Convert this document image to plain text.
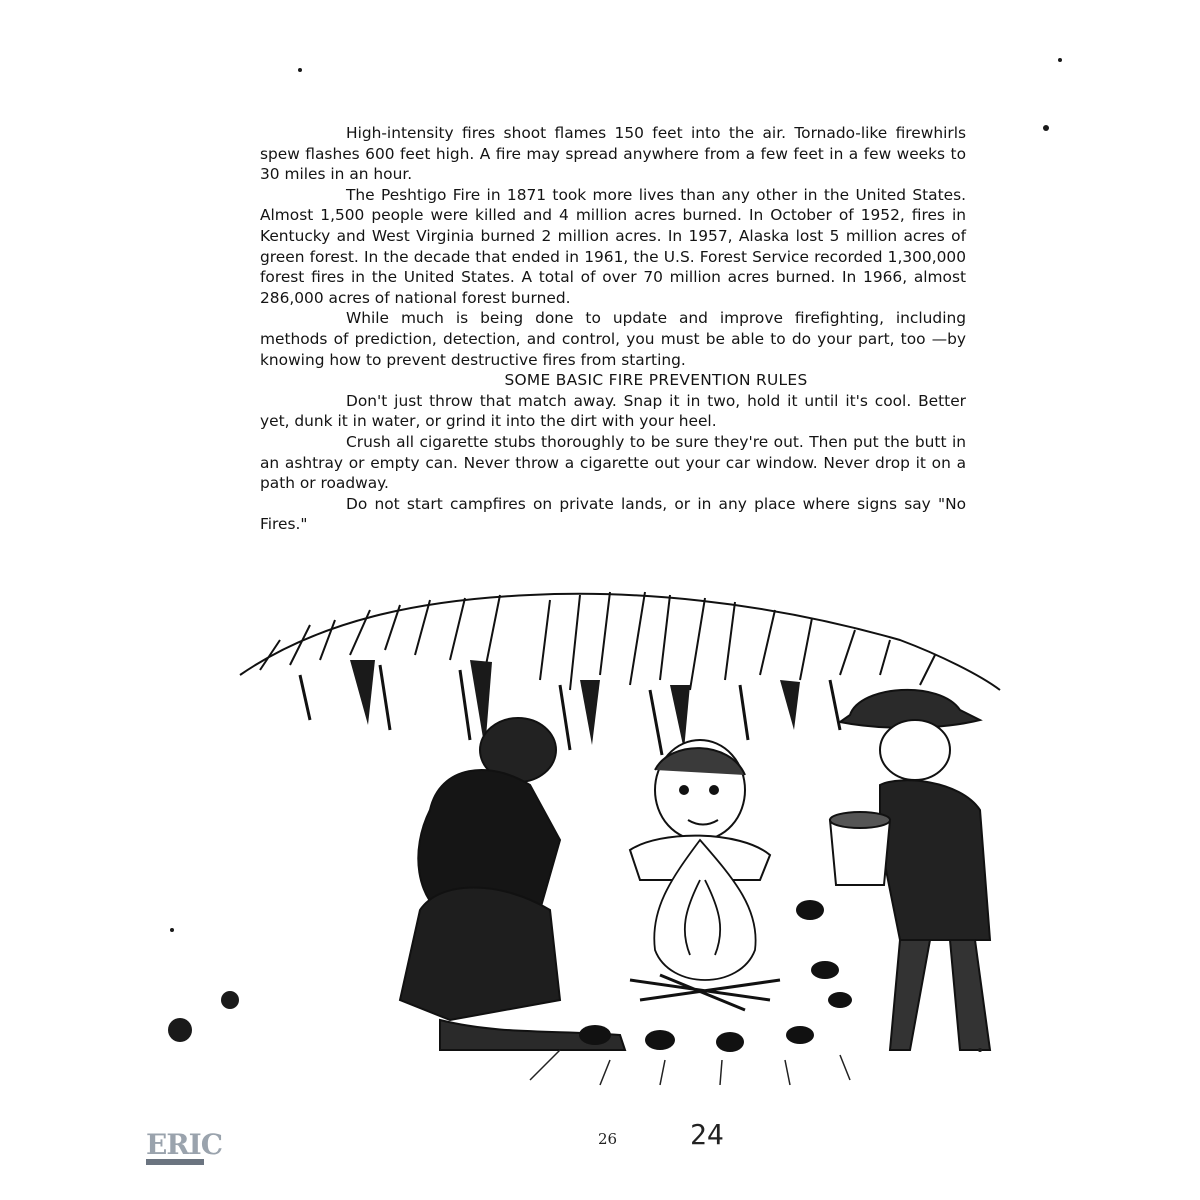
High-intensity fires shoot flames 150 feet into the air. Tornado-like firewhirls spew flashes 600 feet high. A fire may spread anywhere from a few feet in a few weeks to 30 miles in an hour.

The Peshtigo Fire in 1871 took more lives than any other in the United States. Almost 1,500 people were killed and 4 million acres burned. In October of 1952, fires in Kentucky and West Virginia burned 2 million acres. In 1957, Alaska lost 5 million acres of green forest. In the decade that ended in 1961, the U.S. Forest Service recorded 1,300,000 forest fires in the United States. A total of over 70 million acres burned. In 1966, almost 286,000 acres of national forest burned.

While much is being done to update and improve firefighting, including methods of prediction, detection, and control, you must be able to do your part, too —by knowing how to prevent destructive fires from starting.

SOME BASIC FIRE PREVENTION RULES

Don't just throw that match away. Snap it in two, hold it until it's cool. Better yet, dunk it in water, or grind it into the dirt with your heel.

Crush all cigarette stubs thoroughly to be sure they're out. Then put the butt in an ashtray or empty can. Never throw a cigarette out your car window. Never drop it on a path or roadway.

Do not start campfires on private lands, or in any place where signs say "No Fires."

26	24
ERIC
